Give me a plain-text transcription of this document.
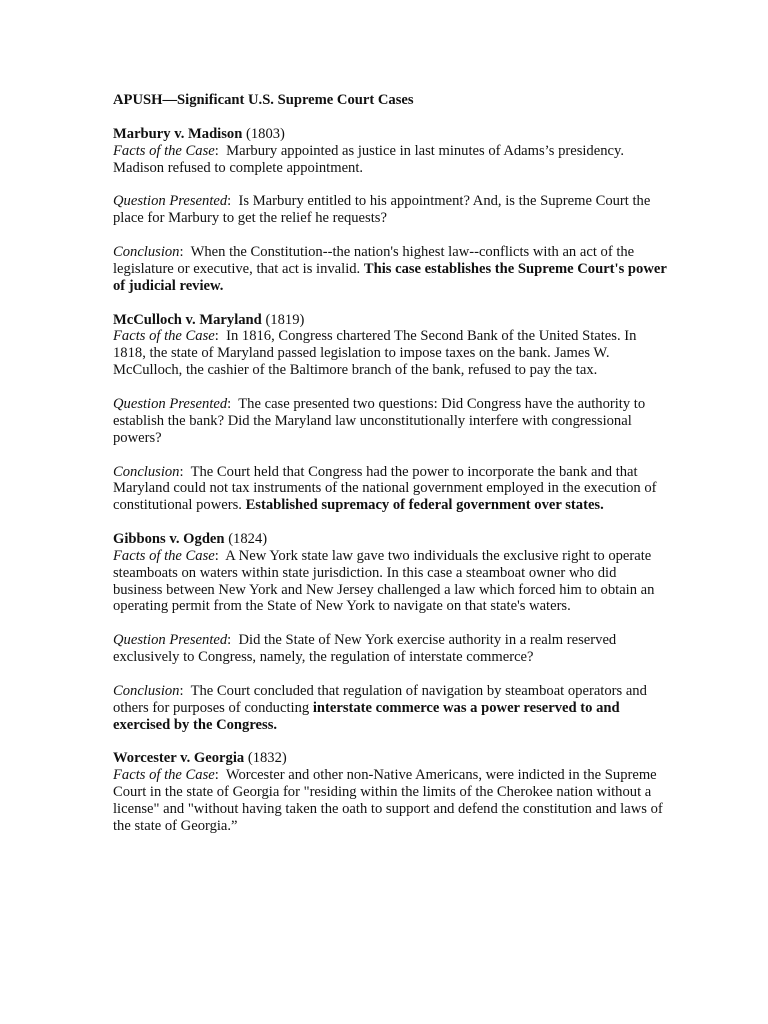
APUSH—Significant U.S. Supreme Court Cases

Marbury v. Madison (1803)

Facts of the Case:  Marbury appointed as justice in last minutes of Adams’s presidency. Madison refused to complete appointment.

Question Presented:  Is Marbury entitled to his appointment? And, is the Supreme Court the place for Marbury to get the relief he requests?

Conclusion:  When the Constitution--the nation's highest law--conflicts with an act of the legislature or executive, that act is invalid. This case establishes the Supreme Court's power of judicial review.

McCulloch v. Maryland (1819)

Facts of the Case:  In 1816, Congress chartered The Second Bank of the United States. In 1818, the state of Maryland passed legislation to impose taxes on the bank. James W. McCulloch, the cashier of the Baltimore branch of the bank, refused to pay the tax.

Question Presented:  The case presented two questions: Did Congress have the authority to establish the bank? Did the Maryland law unconstitutionally interfere with congressional powers?

Conclusion:  The Court held that Congress had the power to incorporate the bank and that Maryland could not tax instruments of the national government employed in the execution of constitutional powers. Established supremacy of federal government over states.

Gibbons v. Ogden (1824)

Facts of the Case:  A New York state law gave two individuals the exclusive right to operate steamboats on waters within state jurisdiction. In this case a steamboat owner who did business between New York and New Jersey challenged a law which forced him to obtain an operating permit from the State of New York to navigate on that state's waters.

Question Presented:  Did the State of New York exercise authority in a realm reserved exclusively to Congress, namely, the regulation of interstate commerce?

Conclusion:  The Court concluded that regulation of navigation by steamboat operators and others for purposes of conducting interstate commerce was a power reserved to and exercised by the Congress.

Worcester v. Georgia (1832)

Facts of the Case:  Worcester and other non-Native Americans, were indicted in the Supreme Court in the state of Georgia for "residing within the limits of the Cherokee nation without a license" and "without having taken the oath to support and defend the constitution and laws of the state of Georgia.”
